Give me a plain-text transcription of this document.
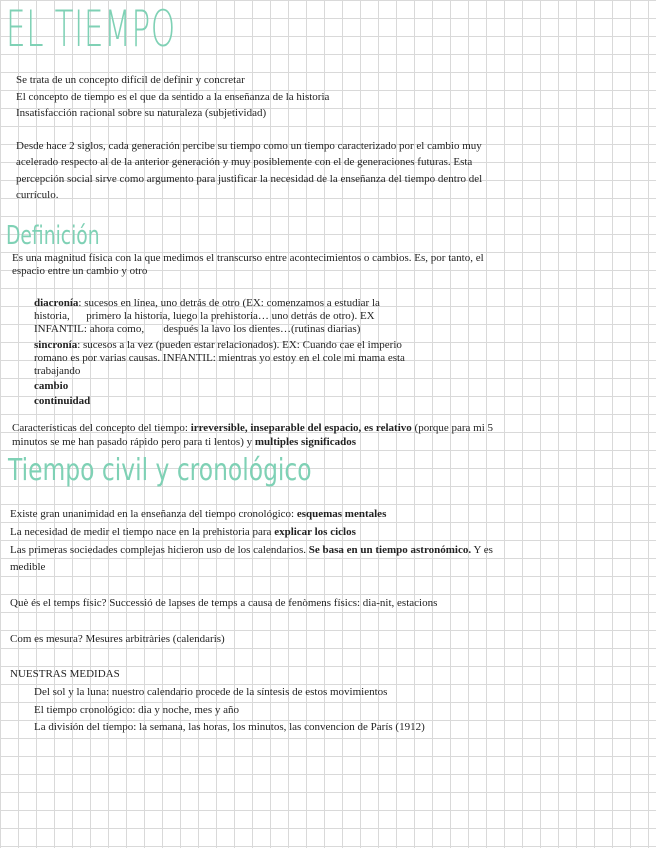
EL TIEMPO
Se trata de un concepto difícil de definir y concretar
El concepto de tiempo es el que da sentido a la enseñanza de la historia
Insatisfacción racional sobre su naturaleza (subjetividad)
Desde hace 2 siglos, cada generación percibe su tiempo como un tiempo caracterizado por el cambio muy
acelerado respecto al de la anterior generación y muy posiblemente con el de generaciones futuras. Esta
percepción social sirve como argumento para justificar la necesidad de la enseñanza del tiempo dentro del
currículo.
Definición
Es una magnitud física con la que medimos el transcurso entre acontecimientos o cambios. Es, por tanto, el
espacio entre un cambio y otro
diacronía: sucesos en línea, uno detrás de otro (EX: comenzamos a estudiar la
historia,      primero la historia, luego la prehistoria… uno detrás de otro). EX
INFANTIL: ahora como,       después la lavo los dientes…(rutinas diarias)
sincronía: sucesos a la vez (pueden estar relacionados). EX: Cuando cae el imperio
romano es por varias causas. INFANTIL: mientras yo estoy en el cole mi mama esta
trabajando
cambio
continuidad
Características del concepto del tiempo: irreversible, inseparable del espacio, es relativo (porque para mi 5
minutos se me han pasado rápido pero para ti lentos) y multiples significados
Tiempo civil y cronológico
Existe gran unanimidad en la enseñanza del tiempo cronológico: esquemas mentales
La necesidad de medir el tiempo nace en la prehistoria para explicar los ciclos
Las primeras sociedades complejas hicieron uso de los calendarios. Se basa en un tiempo astronómico. Y es
medible
Què és el temps físic? Successió de lapses de temps a causa de fenòmens físics: dia-nit, estacions
Com es mesura? Mesures arbitràries (calendaris)
NUESTRAS MEDIDAS
Del sol y la luna: nuestro calendario procede de la síntesis de estos movimientos
El tiempo cronológico: dia y noche, mes y año
La división del tiempo: la semana, las horas, los minutos, las convencion de París (1912)
